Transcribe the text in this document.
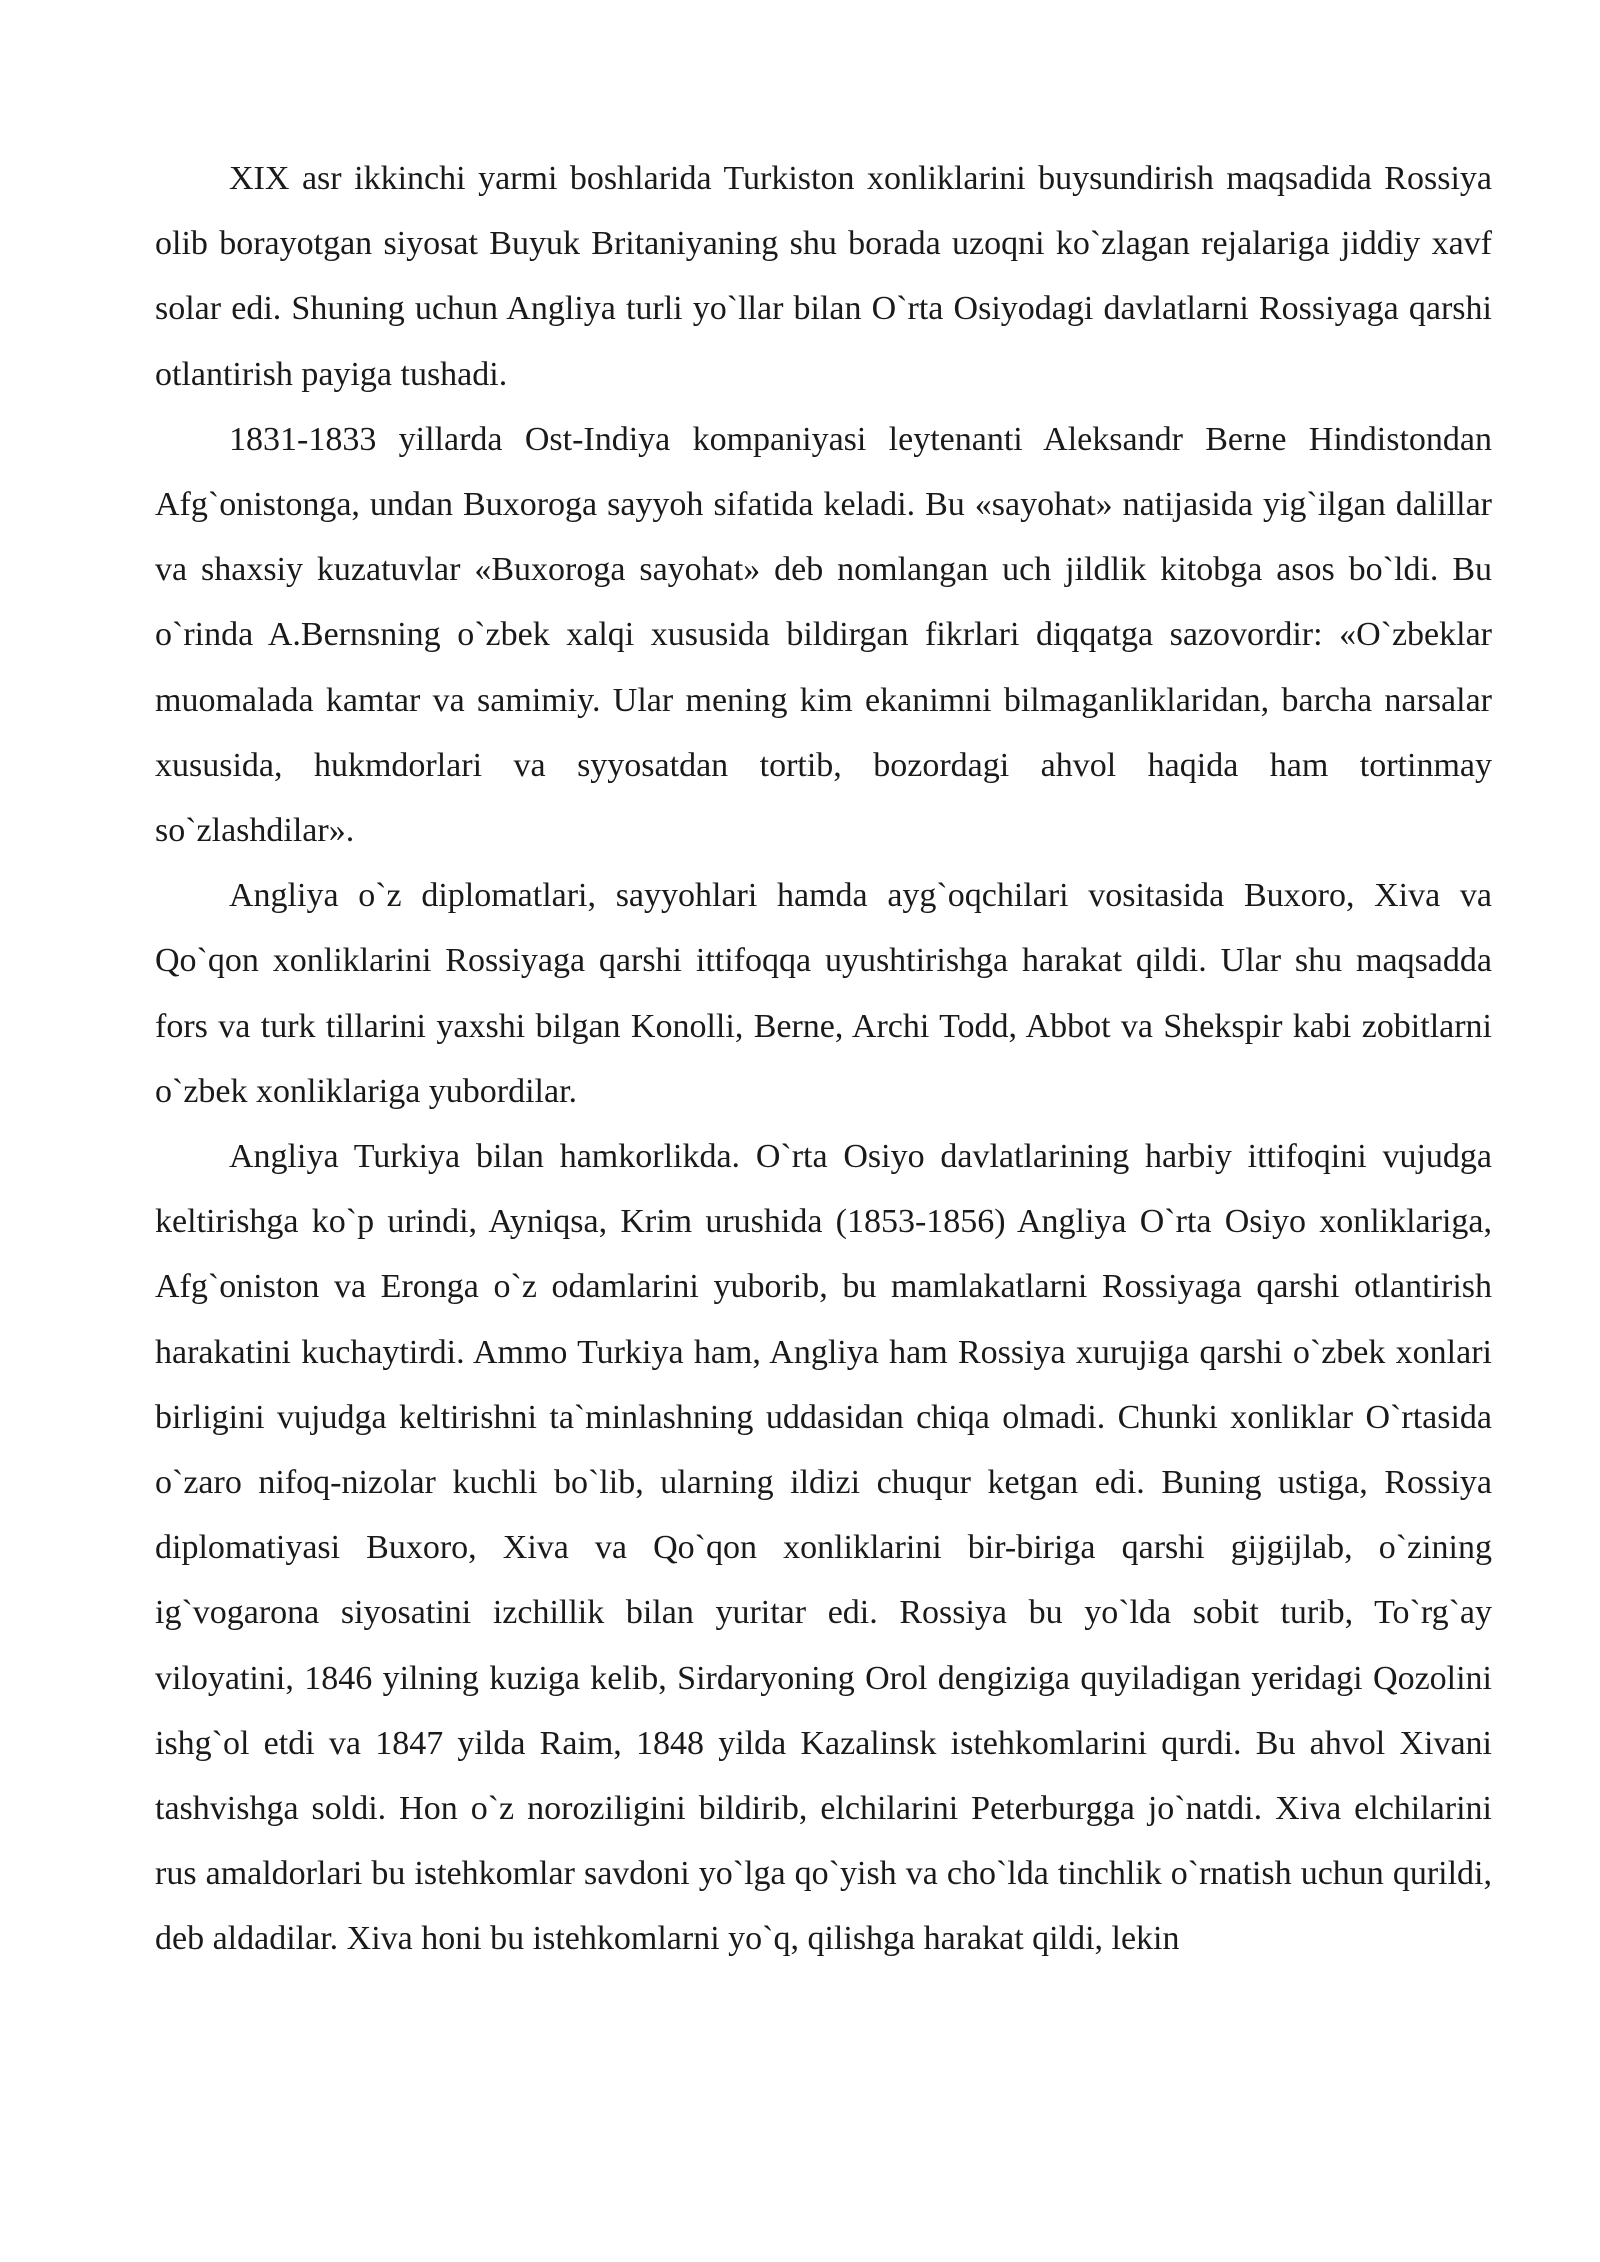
XIX asr ikkinchi yarmi boshlarida Turkiston xonliklarini buysundirish maqsadida Rossiya olib borayotgan siyosat Buyuk Britaniyaning shu borada uzoqni ko`zlagan rejalariga jiddiy xavf solar edi. Shuning uchun Angliya turli yo`llar bilan O`rta Osiyodagi davlatlarni Rossiyaga qarshi otlantirish payiga tushadi.

1831-1833 yillarda Ost-Indiya kompaniyasi leytenanti Aleksandr Berne Hindistondan Afg`onistonga, undan Buxoroga sayyoh sifatida keladi. Bu «sayohat» natijasida yig`ilgan dalillar va shaxsiy kuzatuvlar «Buxoroga sayohat» deb nomlangan uch jildlik kitobga asos bo`ldi. Bu o`rinda A.Bernsning o`zbek xalqi xususida bildirgan fikrlari diqqatga sazovordir: «O`zbeklar muomalada kamtar va samimiy. Ular mening kim ekanimni bilmaganliklaridan, barcha narsalar xususida, hukmdorlari va syyosatdan tortib, bozordagi ahvol haqida ham tortinmay so`zlashdilar».

Angliya o`z diplomatlari, sayyohlari hamda ayg`oqchilari vositasida Buxoro, Xiva va Qo`qon xonliklarini Rossiyaga qarshi ittifoqqa uyushtirishga harakat qildi. Ular shu maqsadda fors va turk tillarini yaxshi bilgan Konolli, Berne, Archi Todd, Abbot va Shekspir kabi zobitlarni o`zbek xonliklariga yubordilar.

Angliya Turkiya bilan hamkorlikda. O`rta Osiyo davlatlarining harbiy ittifoqini vujudga keltirishga ko`p urindi, Ayniqsa, Krim urushida (1853-1856) Angliya O`rta Osiyo xonliklariga, Afg`oniston va Eronga o`z odamlarini yuborib, bu mamlakatlarni Rossiyaga qarshi otlantirish harakatini kuchaytirdi. Ammo Turkiya ham, Angliya ham Rossiya xurujiga qarshi o`zbek xonlari birligini vujudga keltirishni ta`minlashning uddasidan chiqa olmadi. Chunki xonliklar O`rtasida o`zaro nifoq-nizolar kuchli bo`lib, ularning ildizi chuqur ketgan edi. Buning ustiga, Rossiya diplomatiyasi Buxoro, Xiva va Qo`qon xonliklarini bir-biriga qarshi gijgijlab, o`zining ig`vogarona siyosatini izchillik bilan yuritar edi. Rossiya bu yo`lda sobit turib, To`rg`ay viloyatini, 1846 yilning kuziga kelib, Sirdaryoning Orol dengiziga quyiladigan yeridagi Qozolini ishg`ol etdi va 1847 yilda Raim, 1848 yilda Kazalinsk istehkomlarini qurdi. Bu ahvol Xivani tashvishga soldi. Hon o`z noroziligini bildirib, elchilarini Peterburgga jo`natdi. Xiva elchilarini rus amaldorlari bu istehkomlar savdoni yo`lga qo`yish va cho`lda tinchlik o`rnatish uchun qurildi, deb aldadilar. Xiva honi bu istehkomlarni yo`q, qilishga harakat qildi, lekin
